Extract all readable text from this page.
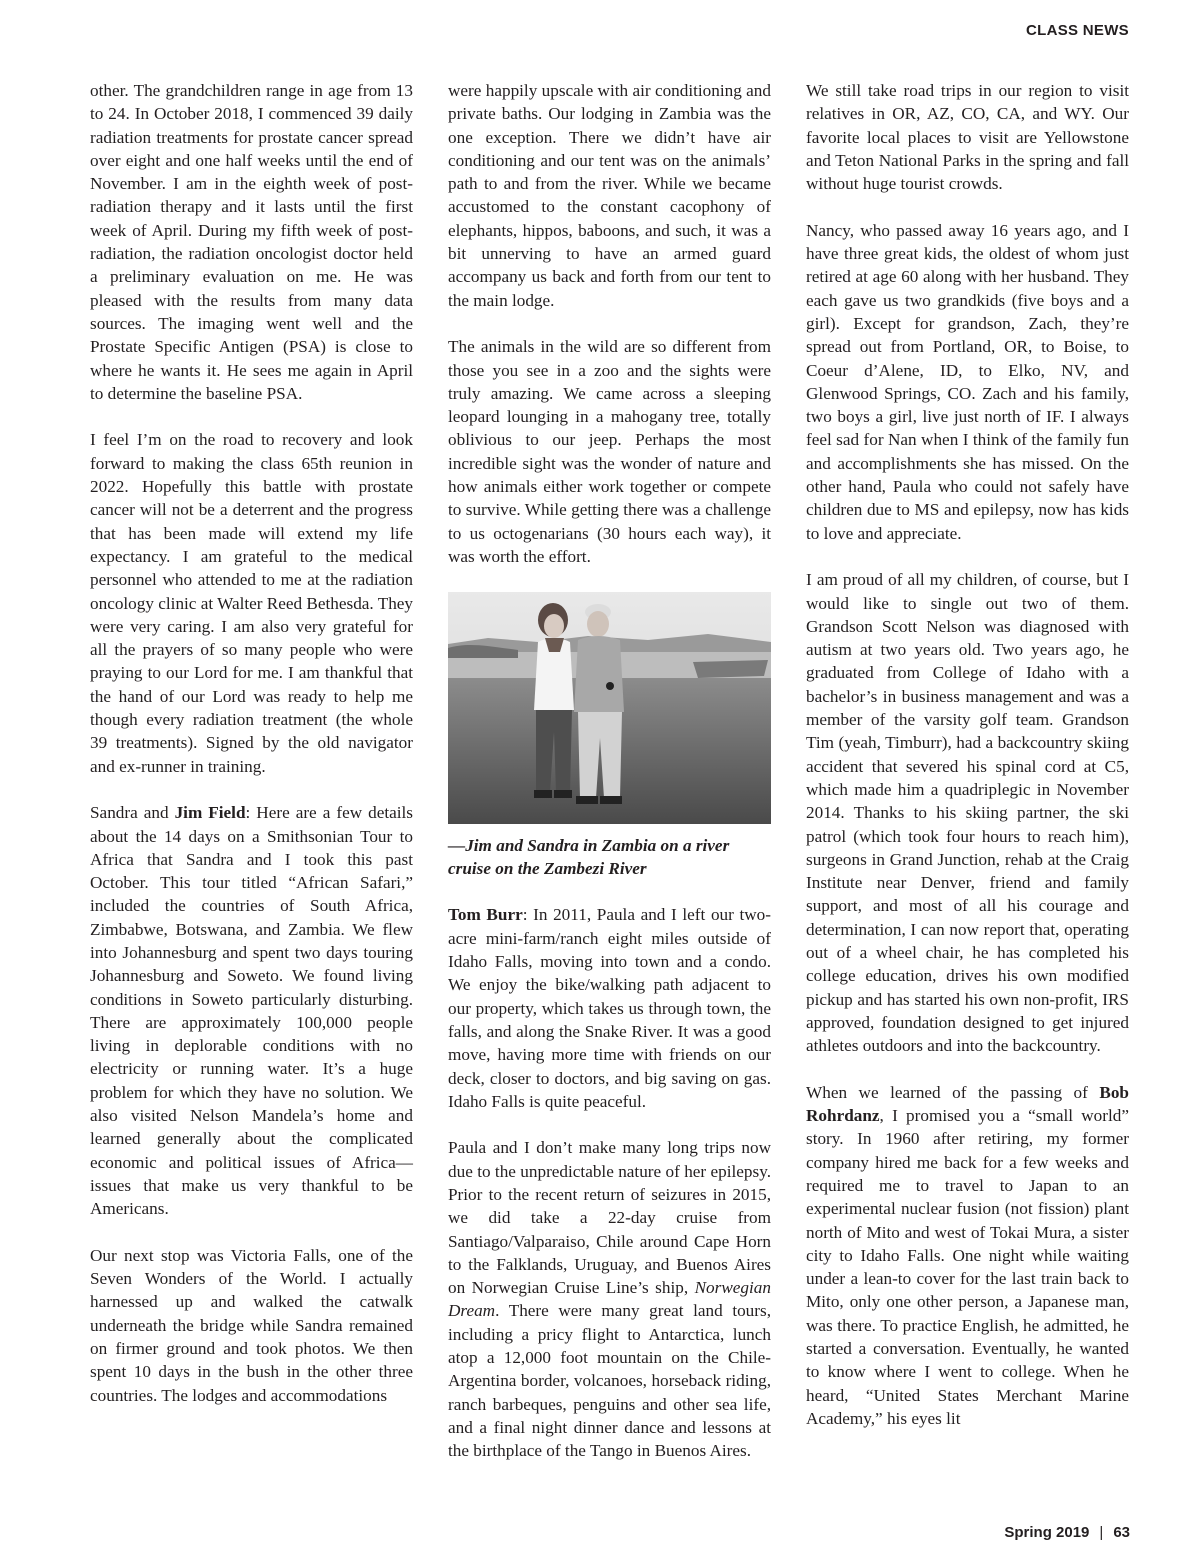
CLASS NEWS

other. The grandchildren range in age from 13 to 24. In October 2018, I commenced 39 daily radiation treatments for prostate cancer spread over eight and one half weeks until the end of November. I am in the eighth week of post-radiation therapy and it lasts until the first week of April. During my fifth week of post-radiation, the radiation oncologist doctor held a preliminary evaluation on me. He was pleased with the results from many data sources. The imaging went well and the Prostate Specific Antigen (PSA) is close to where he wants it. He sees me again in April to determine the baseline PSA.

I feel I’m on the road to recovery and look forward to making the class 65th reunion in 2022. Hopefully this battle with prostate cancer will not be a deterrent and the progress that has been made will extend my life expectancy. I am grateful to the medical personnel who attended to me at the radiation oncology clinic at Walter Reed Bethesda. They were very caring. I am also very grateful for all the prayers of so many people who were praying to our Lord for me. I am thankful that the hand of our Lord was ready to help me though every radiation treatment (the whole 39 treatments). Signed by the old navigator and ex-runner in training.

Sandra and Jim Field: Here are a few details about the 14 days on a Smithsonian Tour to Africa that Sandra and I took this past October. This tour titled “African Safari,” included the countries of South Africa, Zimbabwe, Botswana, and Zambia. We flew into Johannesburg and spent two days touring Johannesburg and Soweto. We found living conditions in Soweto particularly disturbing. There are approximately 100,000 people living in deplorable conditions with no electricity or running water. It’s a huge problem for which they have no solution. We also visited Nelson Mandela’s home and learned generally about the complicated economic and political issues of Africa—issues that make us very thankful to be Americans.

Our next stop was Victoria Falls, one of the Seven Wonders of the World. I actually harnessed up and walked the catwalk underneath the bridge while Sandra remained on firmer ground and took photos. We then spent 10 days in the bush in the other three countries. The lodges and accommodations

were happily upscale with air conditioning and private baths. Our lodging in Zambia was the one exception. There we didn’t have air conditioning and our tent was on the animals’ path to and from the river. While we became accustomed to the constant cacophony of elephants, hippos, baboons, and such, it was a bit unnerving to have an armed guard accompany us back and forth from our tent to the main lodge.

The animals in the wild are so different from those you see in a zoo and the sights were truly amazing. We came across a sleeping leopard lounging in a mahogany tree, totally oblivious to our jeep. Perhaps the most incredible sight was the wonder of nature and how animals either work together or compete to survive. While getting there was a challenge to us octogenarians (30 hours each way), it was worth the effort.

—Jim and Sandra in Zambia on a river cruise on the Zambezi River

Tom Burr: In 2011, Paula and I left our two-acre mini-farm/ranch eight miles outside of Idaho Falls, moving into town and a condo. We enjoy the bike/walking path adjacent to our property, which takes us through town, the falls, and along the Snake River. It was a good move, having more time with friends on our deck, closer to doctors, and big saving on gas. Idaho Falls is quite peaceful.

Paula and I don’t make many long trips now due to the unpredictable nature of her epilepsy. Prior to the recent return of seizures in 2015, we did take a 22-day cruise from Santiago/Valparaiso, Chile around Cape Horn to the Falklands, Uruguay, and Buenos Aires on Norwegian Cruise Line’s ship, Norwegian Dream. There were many great land tours, including a pricy flight to Antarctica, lunch atop a 12,000 foot mountain on the Chile-Argentina border, volcanoes, horseback riding, ranch barbeques, penguins and other sea life, and a final night dinner dance and lessons at the birthplace of the Tango in Buenos Aires.

We still take road trips in our region to visit relatives in OR, AZ, CO, CA, and WY. Our favorite local places to visit are Yellowstone and Teton National Parks in the spring and fall without huge tourist crowds.

Nancy, who passed away 16 years ago, and I have three great kids, the oldest of whom just retired at age 60 along with her husband. They each gave us two grandkids (five boys and a girl). Except for grandson, Zach, they’re spread out from Portland, OR, to Boise, to Coeur d’Alene, ID, to Elko, NV, and Glenwood Springs, CO. Zach and his family, two boys a girl, live just north of IF. I always feel sad for Nan when I think of the family fun and accomplishments she has missed. On the other hand, Paula who could not safely have children due to MS and epilepsy, now has kids to love and appreciate.

I am proud of all my children, of course, but I would like to single out two of them. Grandson Scott Nelson was diagnosed with autism at two years old. Two years ago, he graduated from College of Idaho with a bachelor’s in business management and was a member of the varsity golf team. Grandson Tim (yeah, Timburr), had a backcountry skiing accident that severed his spinal cord at C5, which made him a quadriplegic in November 2014. Thanks to his skiing partner, the ski patrol (which took four hours to reach him), surgeons in Grand Junction, rehab at the Craig Institute near Denver, friend and family support, and most of all his courage and determination, I can now report that, operating out of a wheel chair, he has completed his college education, drives his own modified pickup and has started his own non-profit, IRS approved, foundation designed to get injured athletes outdoors and into the backcountry.

When we learned of the passing of Bob Rohrdanz, I promised you a “small world” story. In 1960 after retiring, my former company hired me back for a few weeks and required me to travel to Japan to an experimental nuclear fusion (not fission) plant north of Mito and west of Tokai Mura, a sister city to Idaho Falls. One night while waiting under a lean-to cover for the last train back to Mito, only one other person, a Japanese man, was there. To practice English, he admitted, he started a conversation. Eventually, he wanted to know where I went to college. When he heard, “United States Merchant Marine Academy,” his eyes lit

Spring 2019 | 63
